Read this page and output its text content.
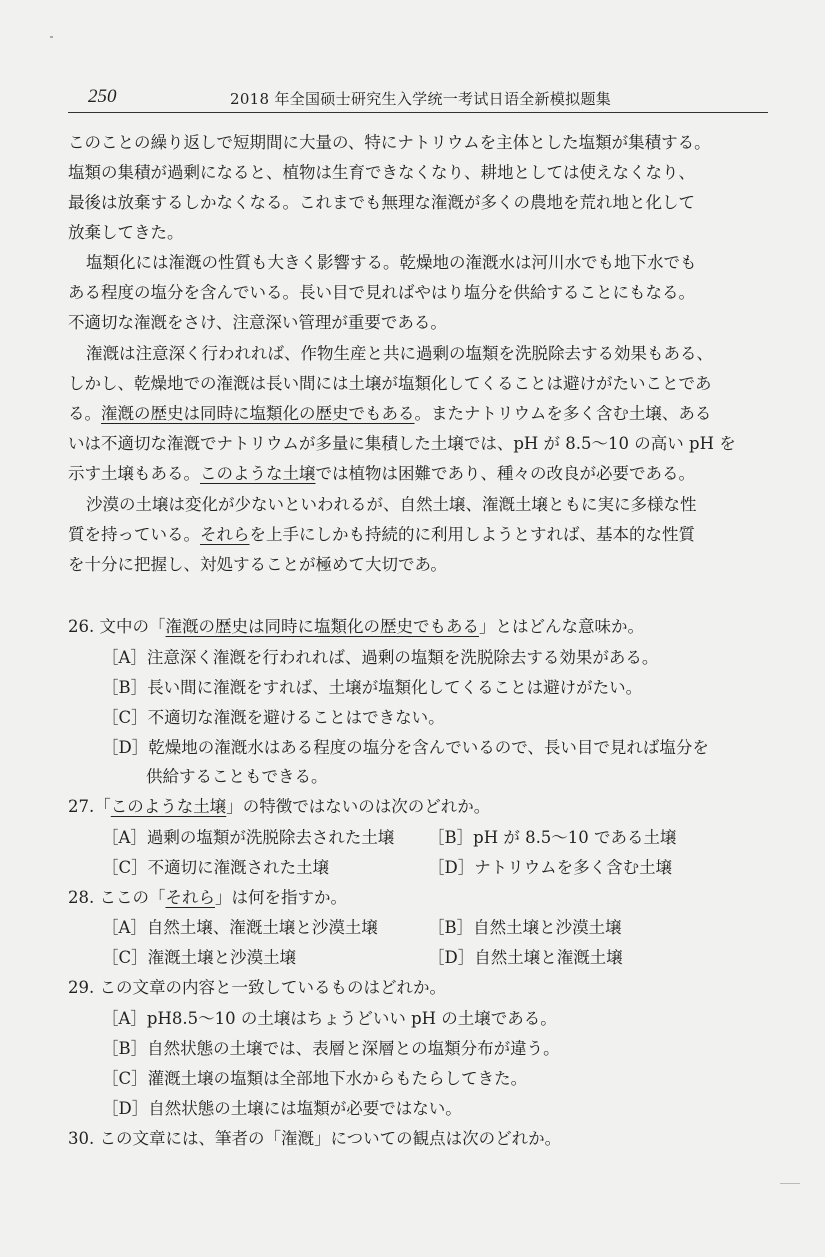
250	2018 年全国硕士研究生入学统一考试日语全新模拟题集
このことの繰り返しで短期間に大量の、特にナトリウムを主体とした塩類が集積する。
塩類の集積が過剰になると、植物は生育できなくなり、耕地としては使えなくなり、
最後は放棄するしかなくなる。これまでも無理な潅漑が多くの農地を荒れ地と化して
放棄してきた。
塩類化には潅漑の性質も大きく影響する。乾燥地の潅漑水は河川水でも地下水でも
ある程度の塩分を含んでいる。長い目で見ればやはり塩分を供給することにもなる。
不適切な潅漑をさけ、注意深い管理が重要である。
潅漑は注意深く行われれば、作物生産と共に過剰の塩類を洗脱除去する効果もある、
しかし、乾燥地での潅漑は長い間には土壌が塩類化してくることは避けがたいことであ
る。潅漑の歴史は同時に塩類化の歴史でもある。またナトリウムを多く含む土壌、ある
いは不適切な潅漑でナトリウムが多量に集積した土壌では、pH が 8.5～10 の高い pH を
示す土壌もある。このような土壌では植物は困難であり、種々の改良が必要である。
沙漠の土壌は変化が少ないといわれるが、自然土壌、潅漑土壌ともに実に多様な性
質を持っている。それらを上手にしかも持続的に利用しようとすれば、基本的な性質
を十分に把握し、対処することが極めて大切であ。
26. 文中の「潅漑の歴史は同時に塩類化の歴史でもある」とはどんな意味か。
［A］注意深く潅漑を行われれば、過剰の塩類を洗脱除去する効果がある。
［B］長い間に潅漑をすれば、土壌が塩類化してくることは避けがたい。
［C］不適切な潅漑を避けることはできない。
［D］乾燥地の潅漑水はある程度の塩分を含んでいるので、長い目で見れば塩分を
供給することもできる。
27.「このような土壌」の特徴ではないのは次のどれか。
［A］過剰の塩類が洗脱除去された土壌 ［B］pH が 8.5～10 である土壌
［C］不適切に潅漑された土壌	［D］ナトリウムを多く含む土壌
28. ここの「それら」は何を指すか。
［A］自然土壌、潅漑土壌と沙漠土壌	［B］自然土壌と沙漠土壌
［C］潅漑土壌と沙漠土壌	［D］自然土壌と潅漑土壌
29. この文章の内容と一致しているものはどれか。
［A］pH8.5～10 の土壌はちょうどいい pH の土壌である。
［B］自然状態の土壌では、表層と深層との塩類分布が違う。
［C］灌漑土壌の塩類は全部地下水からもたらしてきた。
［D］自然状態の土壌には塩類が必要ではない。
30. この文章には、筆者の「潅漑」についての観点は次のどれか。
